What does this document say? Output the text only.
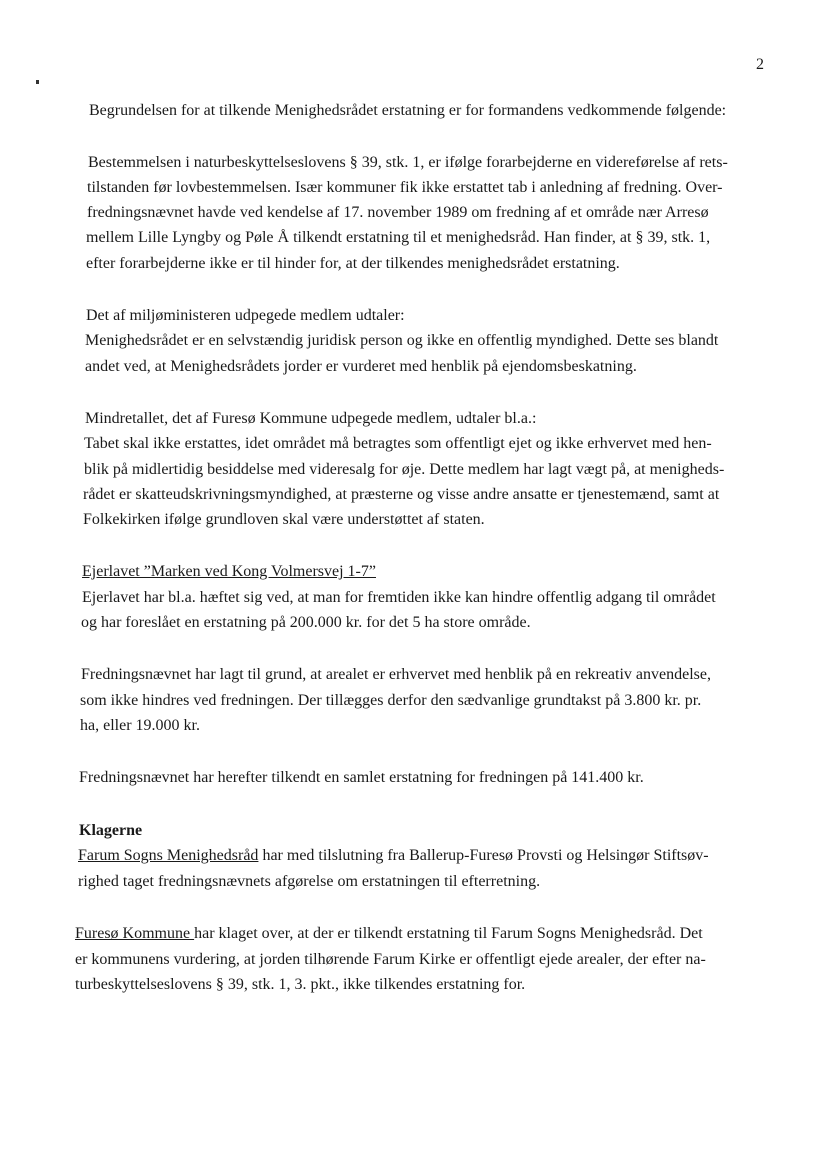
2
Begrundelsen for at tilkende Menighedsrådet erstatning er for formandens vedkommende følgende:
Bestemmelsen i naturbeskyttelseslovens § 39, stk. 1, er ifølge forarbejderne en videreførelse af rets-
tilstanden før lovbestemmelsen. Især kommuner fik ikke erstattet tab i anledning af fredning. Over-
fredningsnævnet havde ved kendelse af 17. november 1989 om fredning af et område nær Arresø
mellem Lille Lyngby og Pøle Å tilkendt erstatning til et menighedsråd. Han finder, at § 39, stk. 1,
efter forarbejderne ikke er til hinder for, at der tilkendes menighedsrådet erstatning.
Det af miljøministeren udpegede medlem udtaler:
Menighedsrådet er en selvstændig juridisk person og ikke en offentlig myndighed. Dette ses blandt
andet ved, at Menighedsrådets jorder er vurderet med henblik på ejendomsbeskatning.
Mindretallet, det af Furesø Kommune udpegede medlem, udtaler bl.a.:
Tabet skal ikke erstattes, idet området må betragtes som offentligt ejet og ikke erhvervet med hen-
blik på midlertidig besiddelse med videresalg for øje. Dette medlem har lagt vægt på, at menigheds-
rådet er skatteudskrivningsmyndighed, at præsterne og visse andre ansatte er tjenestemænd, samt at
Folkekirken ifølge grundloven skal være understøttet af staten.
Ejerlavet ”Marken ved Kong Volmersvej 1-7”
Ejerlavet har bl.a. hæftet sig ved, at man for fremtiden ikke kan hindre offentlig adgang til området
og har foreslået en erstatning på 200.000 kr. for det 5 ha store område.
Fredningsnævnet har lagt til grund, at arealet er erhvervet med henblik på en rekreativ anvendelse,
som ikke hindres ved fredningen. Der tillægges derfor den sædvanlige grundtakst på 3.800 kr. pr.
ha, eller 19.000 kr.
Fredningsnævnet har herefter tilkendt en samlet erstatning for fredningen på 141.400 kr.
Klagerne
Farum Sogns Menighedsråd har med tilslutning fra Ballerup-Furesø Provsti og Helsingør Stiftsøv-
righed taget fredningsnævnets afgørelse om erstatningen til efterretning.
Furesø Kommune har klaget over, at der er tilkendt erstatning til Farum Sogns Menighedsråd. Det
er kommunens vurdering, at jorden tilhørende Farum Kirke er offentligt ejede arealer, der efter na-
turbeskyttelseslovens § 39, stk. 1, 3. pkt., ikke tilkendes erstatning for.
